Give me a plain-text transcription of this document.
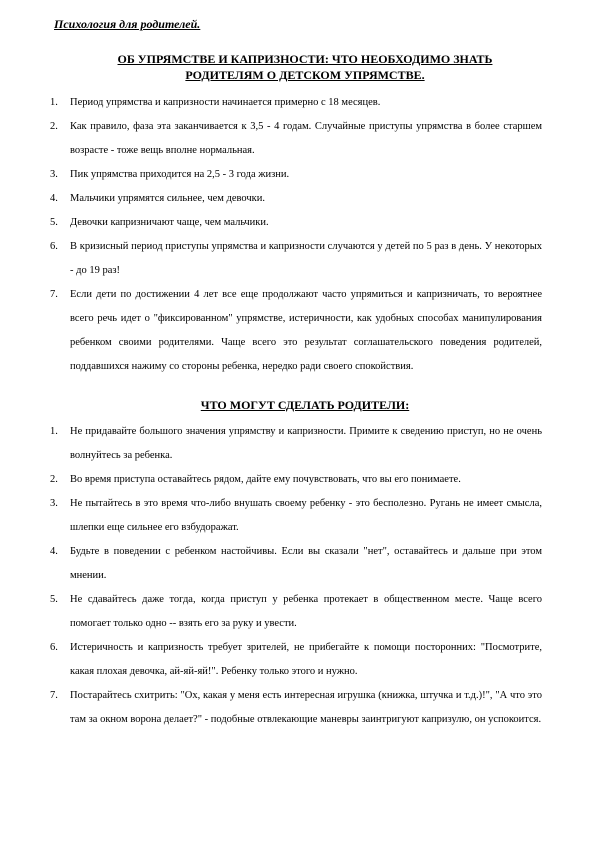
Психология для родителей.
ОБ УПРЯМСТВЕ И КАПРИЗНОСТИ: ЧТО НЕОБХОДИМО ЗНАТЬ
РОДИТЕЛЯМ О ДЕТСКОМ УПРЯМСТВЕ.
1.	Период упрямства и капризности начинается примерно с 18 месяцев.
2.	Как правило, фаза эта заканчивается к 3,5 - 4 годам. Случайные приступы упрямства в более старшем возрасте - тоже вещь вполне нормальная.
3.	Пик упрямства приходится на 2,5 - 3 года жизни.
4.	Мальчики упрямятся сильнее, чем девочки.
5.	Девочки капризничают чаще, чем мальчики.
6.	В кризисный период приступы упрямства и капризности случаются у детей по 5 раз в день. У некоторых - до 19 раз!
7.	Если дети по достижении 4 лет все еще продолжают часто упрямиться и капризничать, то вероятнее всего речь идет о "фиксированном" упрямстве, истеричности, как удобных способах манипулирования ребенком своими родителями. Чаще всего это результат соглашательского поведения родителей, поддавшихся нажиму со стороны ребенка, нередко ради своего спокойствия.
ЧТО МОГУТ СДЕЛАТЬ РОДИТЕЛИ:
1.	Не придавайте большого значения упрямству и капризности. Примите к сведению приступ, но не очень волнуйтесь за ребенка.
2.	Во время приступа оставайтесь рядом, дайте ему почувствовать, что вы его понимаете.
3.	Не пытайтесь в это время что-либо внушать своему ребенку - это бесполезно. Ругань не имеет смысла, шлепки еще сильнее его взбудоражат.
4.	Будьте в поведении с ребенком настойчивы. Если вы сказали "нет", оставайтесь и дальше при этом мнении.
5.	Не сдавайтесь даже тогда, когда приступ у ребенка протекает в общественном месте. Чаще всего помогает только одно -- взять его за руку и увести.
6.	Истеричность и капризность требует зрителей, не прибегайте к помощи посторонних: "Посмотрите, какая плохая девочка, ай-яй-яй!". Ребенку только этого и нужно.
7.	Постарайтесь схитрить: "Ох, какая у меня есть интересная игрушка (книжка, штучка и т.д.)!", "А что это там за окном ворона делает?" - подобные отвлекающие маневры заинтригуют капризулю, он успокоится.
